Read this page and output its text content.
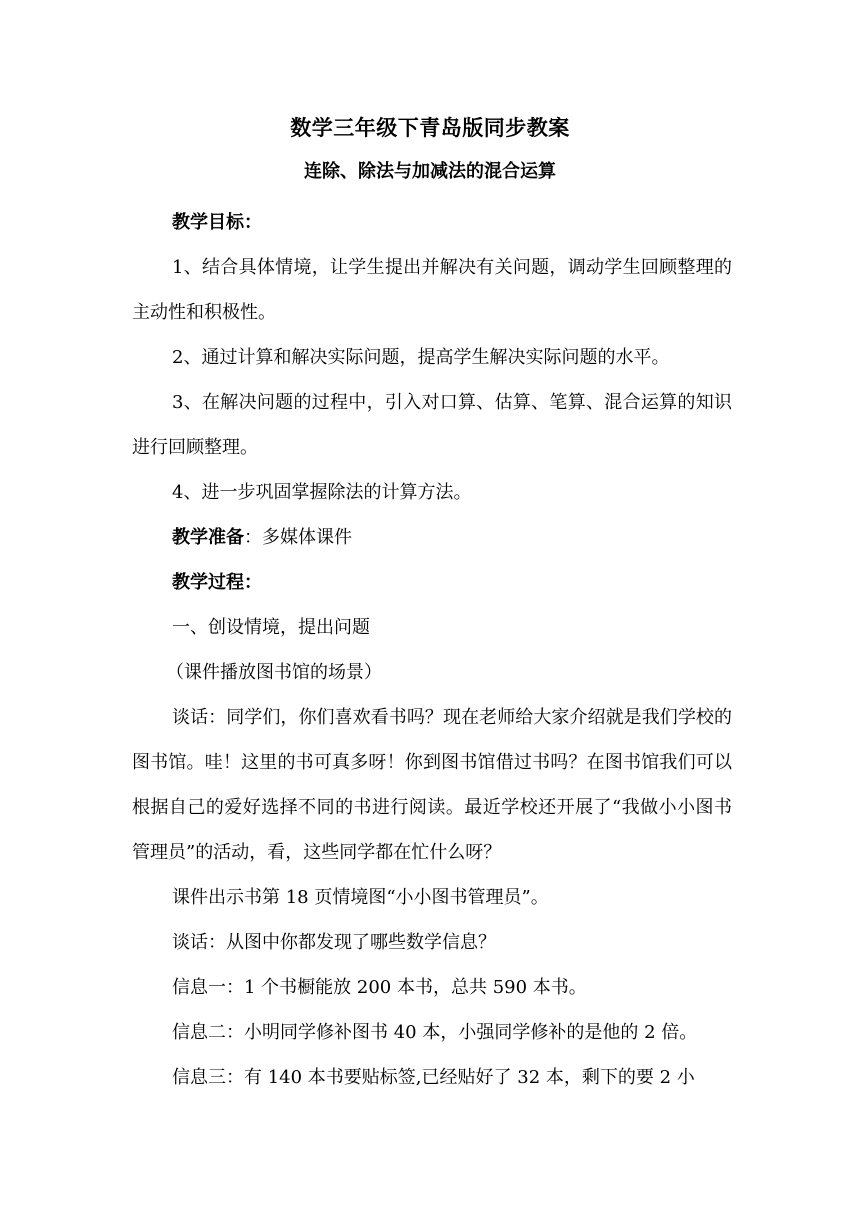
数学三年级下青岛版同步教案
连除、除法与加减法的混合运算

教学目标：

1、结合具体情境，让学生提出并解决有关问题，调动学生回顾整理的主动性和积极性。

2、通过计算和解决实际问题，提高学生解决实际问题的水平。

3、在解决问题的过程中，引入对口算、估算、笔算、混合运算的知识进行回顾整理。

4、进一步巩固掌握除法的计算方法。

教学准备：多媒体课件

教学过程：

一、创设情境，提出问题

（课件播放图书馆的场景）

谈话：同学们，你们喜欢看书吗？现在老师给大家介绍就是我们学校的图书馆。哇！这里的书可真多呀！你到图书馆借过书吗？在图书馆我们可以根据自己的爱好选择不同的书进行阅读。最近学校还开展了“我做小小图书管理员”的活动，看，这些同学都在忙什么呀？

课件出示书第 18 页情境图“小小图书管理员”。

谈话：从图中你都发现了哪些数学信息？

信息一：1 个书橱能放 200 本书，总共 590 本书。

信息二：小明同学修补图书 40 本，小强同学修补的是他的 2 倍。

信息三：有 140 本书要贴标签,已经贴好了 32 本，剩下的要 2 小
